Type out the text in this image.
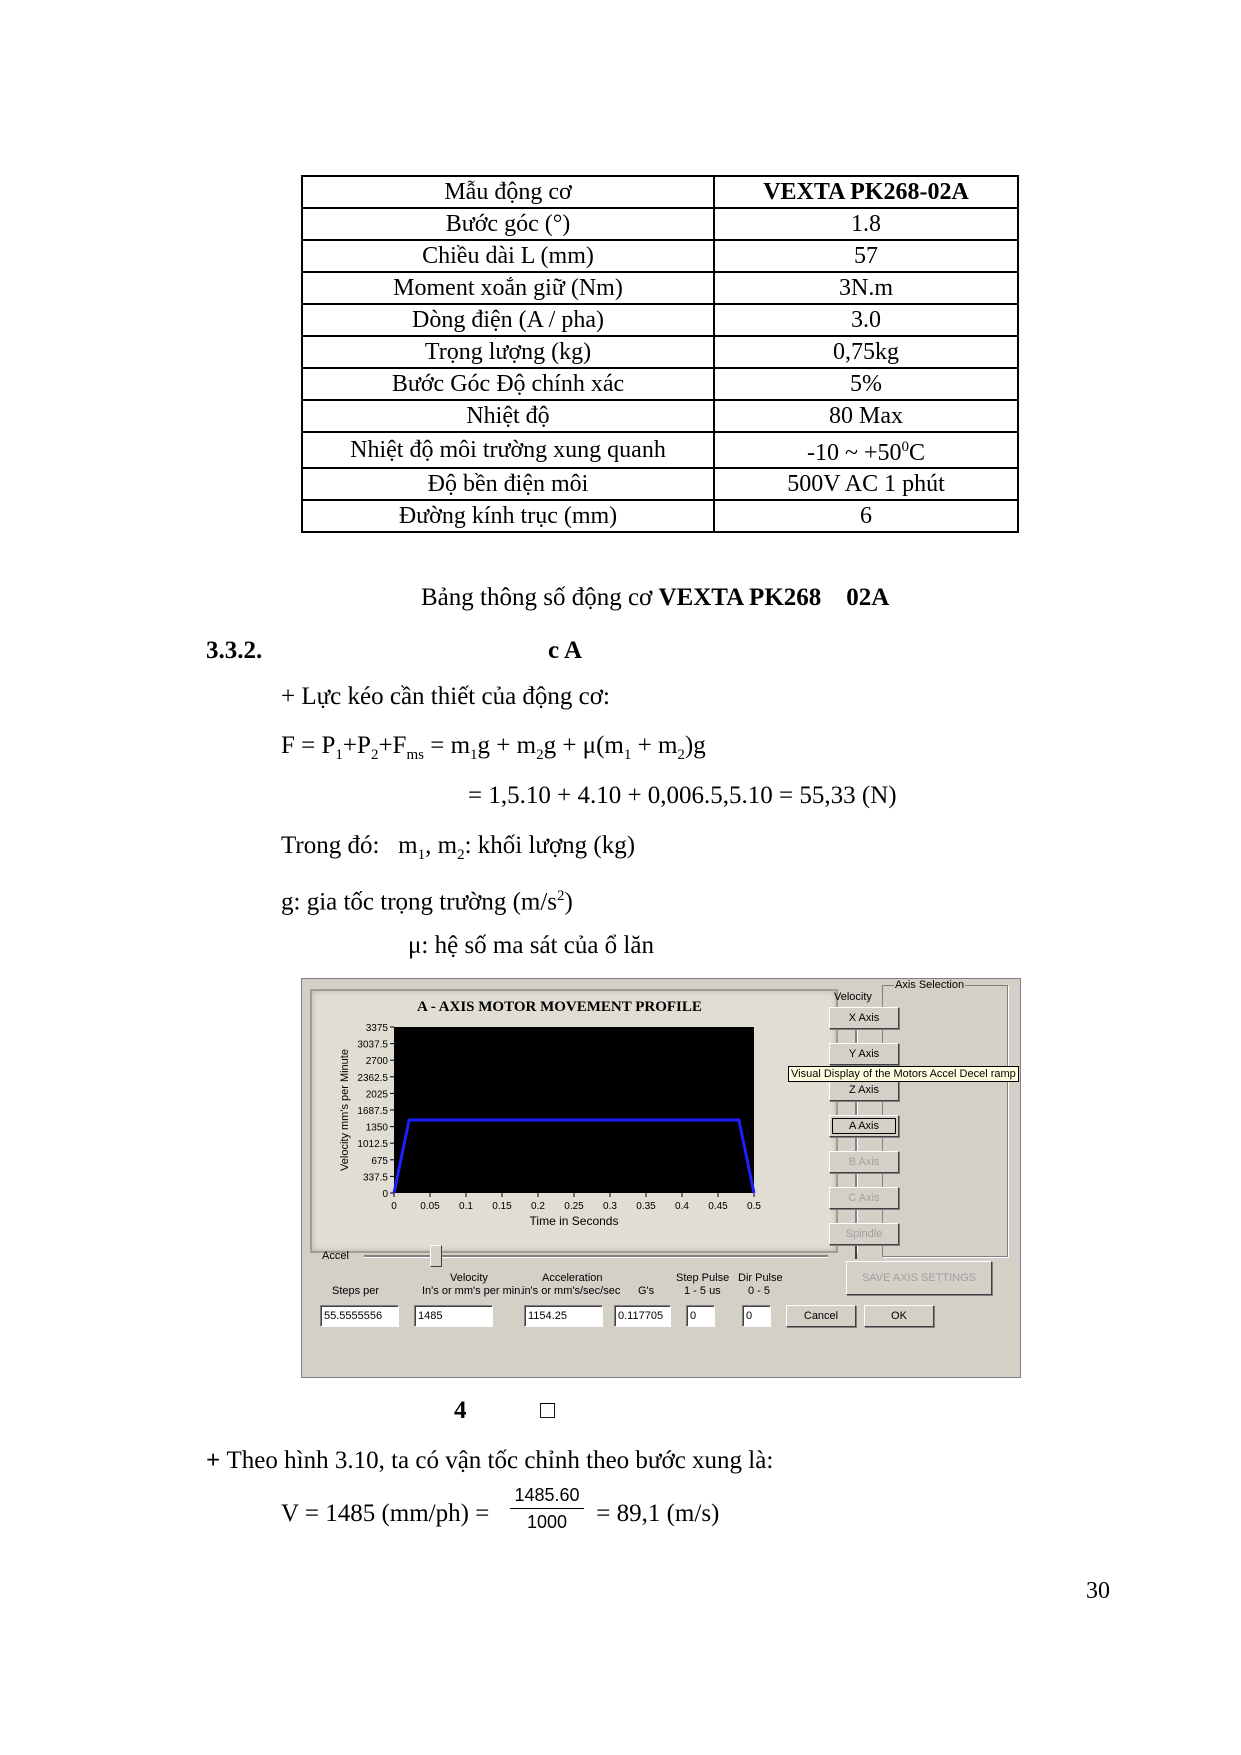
Mẫu động cơ	VEXTA PK268-02A
Bước góc (°)	1.8
Chiều dài L (mm)	57
Moment xoắn giữ (Nm)	3N.m
Dòng điện (A / pha)	3.0
Trọng lượng (kg)	0,75kg
Bước Góc Độ chính xác	5%
Nhiệt độ	80 Max
Nhiệt độ môi trường xung quanh	-10 ~ $+50^0C$
Độ bền điện môi	500V AC 1 phút
Đường kính trục (mm)	6
Bảng thông số động cơ VEXTA PK268    02A
3.3.2.	c A
+ Lực kéo cần thiết của động cơ:
$F = P_1+P_2+F_{ms} = m_1g + m_2g + \mu(m_1 + m_2)g$
= 1,5.10 + 4.10 + 0,006.5,5.10 = 55,33 (N)
Trong đó:   $m_1$, $m_2$: khối lượng (kg)
g: gia tốc trọng trường $(m/s^2)$
μ: hệ số ma sát của ổ lăn
0
337.5
675
1012.5
1350
1687.5
2025
2362.5
2700
3037.5
3375
0 0.05 0.1 0.15 0.2 0.25 0.3 0.35 0.4 0.45 0.5
Time in Seconds
Velocity mm's per Minute
A - AXIS MOTOR MOVEMENT PROFILE
Velocity
Axis Selection
X Axis
Y Axis
Z Axis
A Axis
B Axis
C Axis
Spindle
Visual Display of the Motors Accel Decel ramp
Accel
SAVE AXIS SETTINGS
Steps per
Velocity
In's or mm's per min.
Acceleration
in's or mm's/sec/sec G's
Step Pulse
1 - 5 us
Dir Pulse
0 - 5
55.5555556	1485	1154.25	0.117705	0	0	Cancel	OK
4	□
+ Theo hình 3.10, ta có vận tốc chỉnh theo bước xung là:
V = 1485 (mm/ph) =
1485.60
1000 = 89,1 (m/s)
30
